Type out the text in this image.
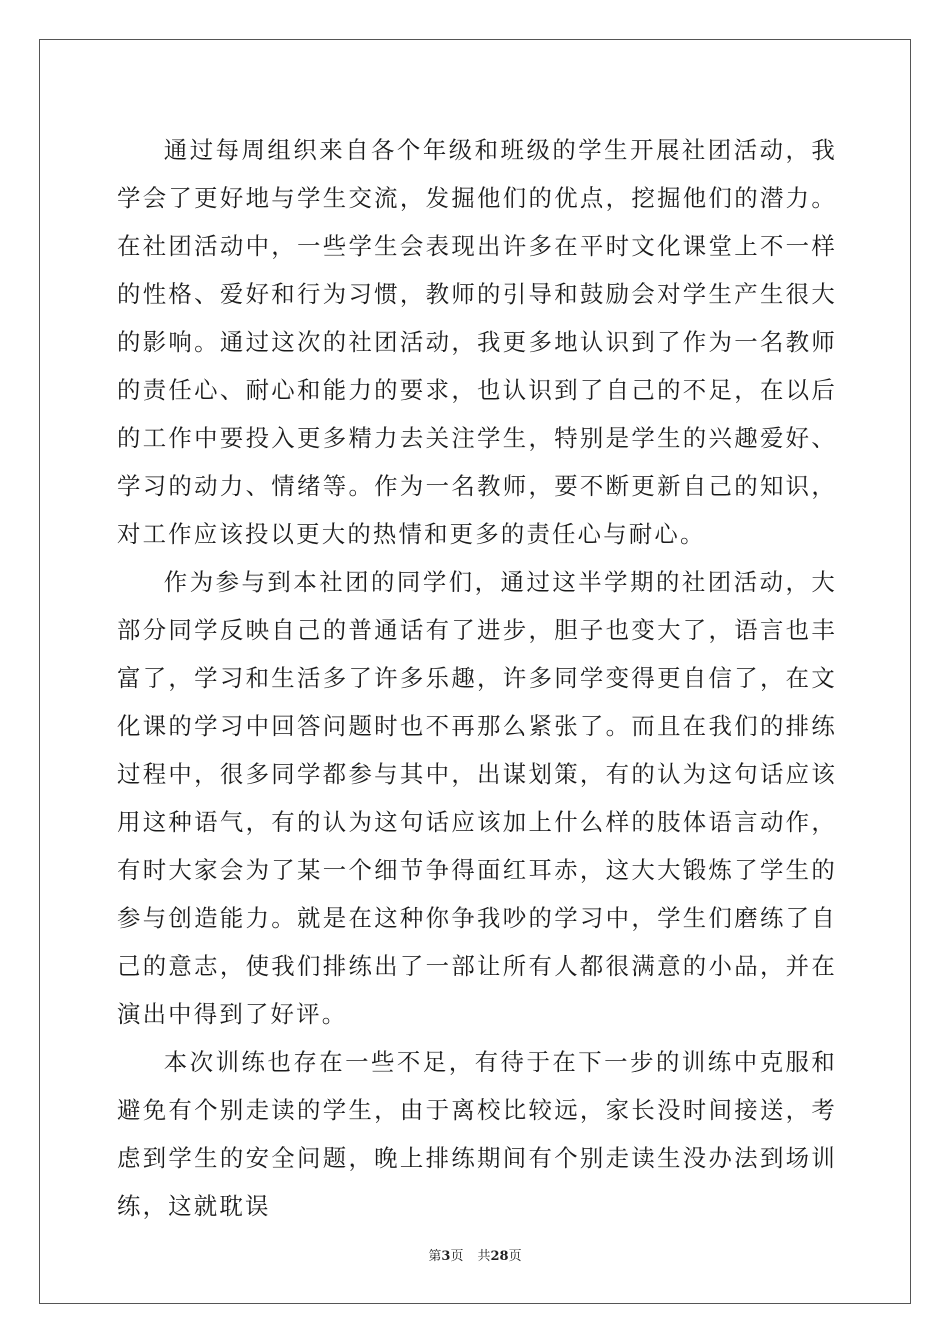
通过每周组织来自各个年级和班级的学生开展社团活动，我学会了更好地与学生交流，发掘他们的优点，挖掘他们的潜力。在社团活动中，一些学生会表现出许多在平时文化课堂上不一样的性格、爱好和行为习惯，教师的引导和鼓励会对学生产生很大的影响。通过这次的社团活动，我更多地认识到了作为一名教师的责任心、耐心和能力的要求，也认识到了自己的不足，在以后的工作中要投入更多精力去关注学生，特别是学生的兴趣爱好、学习的动力、情绪等。作为一名教师，要不断更新自己的知识，对工作应该投以更大的热情和更多的责任心与耐心。

作为参与到本社团的同学们，通过这半学期的社团活动，大部分同学反映自己的普通话有了进步，胆子也变大了，语言也丰富了，学习和生活多了许多乐趣，许多同学变得更自信了，在文化课的学习中回答问题时也不再那么紧张了。而且在我们的排练过程中，很多同学都参与其中，出谋划策，有的认为这句话应该用这种语气，有的认为这句话应该加上什么样的肢体语言动作，有时大家会为了某一个细节争得面红耳赤，这大大锻炼了学生的参与创造能力。就是在这种你争我吵的学习中，学生们磨练了自己的意志，使我们排练出了一部让所有人都很满意的小品，并在演出中得到了好评。

本次训练也存在一些不足，有待于在下一步的训练中克服和避免有个别走读的学生，由于离校比较远，家长没时间接送，考虑到学生的安全问题，晚上排练期间有个别走读生没办法到场训练，这就耽误

第3页 共28页
